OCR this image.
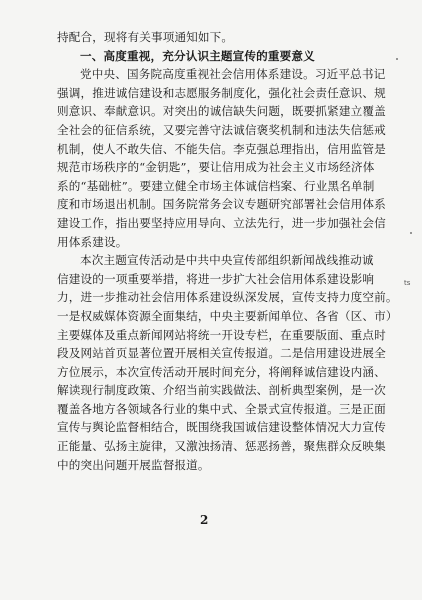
持配合，现将有关事项通知如下。
一、高度重视，充分认识主题宣传的重要意义
党中央、国务院高度重视社会信用体系建设。习近平总书记
强调，推进诚信建设和志愿服务制度化，强化社会责任意识、规
则意识、奉献意识。对突出的诚信缺失问题，既要抓紧建立覆盖
全社会的征信系统，又要完善守法诚信褒奖机制和违法失信惩戒
机制，使人不敢失信、不能失信。李克强总理指出，信用监管是
规范市场秩序的“金钥匙”，要让信用成为社会主义市场经济体
系的“基础桩”。要建立健全市场主体诚信档案、行业黑名单制
度和市场退出机制。国务院常务会议专题研究部署社会信用体系
建设工作，指出要坚持应用导向、立法先行，进一步加强社会信
用体系建设。
本次主题宣传活动是中共中央宣传部组织新闻战线推动诚
信建设的一项重要举措，将进一步扩大社会信用体系建设影响
力，进一步推动社会信用体系建设纵深发展，宣传支持力度空前。
一是权威媒体资源全面集结，中央主要新闻单位、各省（区、市）
主要媒体及重点新闻网站将统一开设专栏，在重要版面、重点时
段及网站首页显著位置开展相关宣传报道。二是信用建设进展全
方位展示，本次宣传活动开展时间充分，将阐释诚信建设内涵、
解读现行制度政策、介绍当前实践做法、剖析典型案例，是一次
覆盖各地方各领域各行业的集中式、全景式宣传报道。三是正面
宣传与舆论监督相结合，既围绕我国诚信建设整体情况大力宣传
正能量、弘扬主旋律，又激浊扬清、惩恶扬善，聚焦群众反映集
中的突出问题开展监督报道。
ts
2
